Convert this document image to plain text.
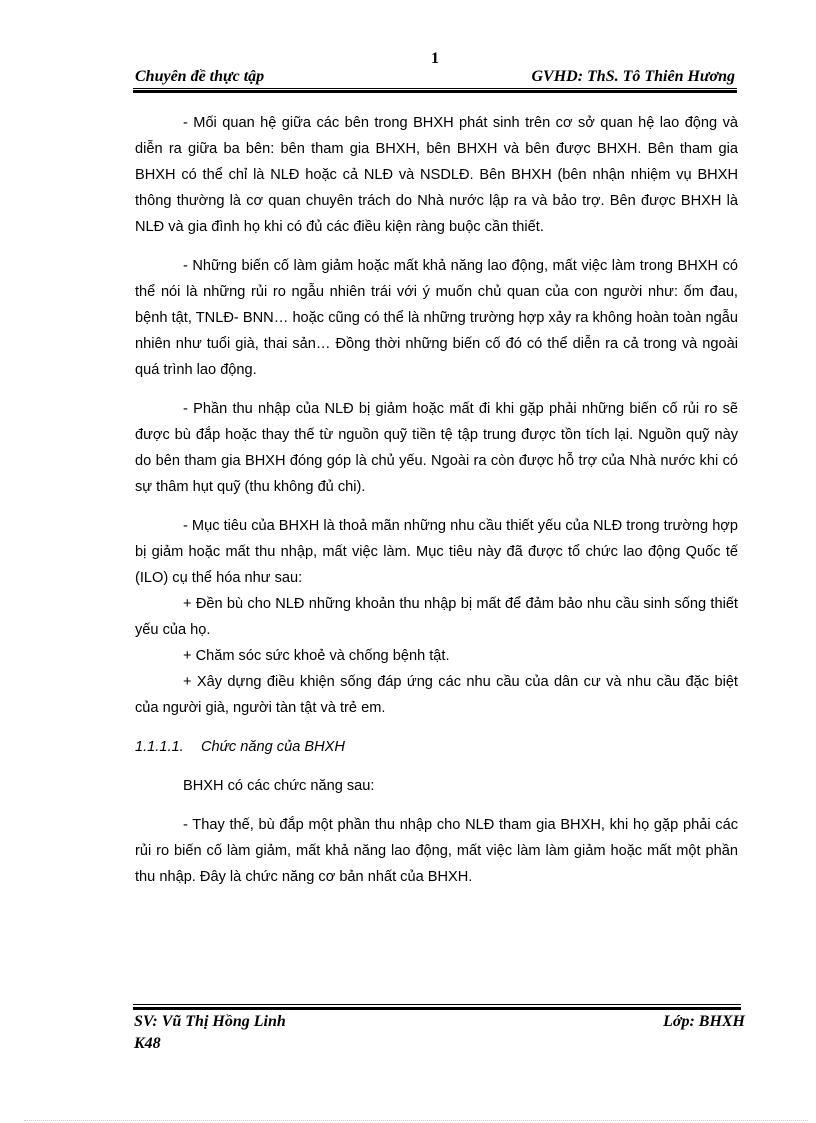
1
Chuyên đề thực tập	GVHD: ThS. Tô Thiên Hương

- Mối quan hệ giữa các bên trong BHXH phát sinh trên cơ sở quan hệ lao động và diễn ra giữa ba bên: bên tham gia BHXH, bên BHXH và bên được BHXH. Bên tham gia BHXH có thể chỉ là NLĐ hoặc cả NLĐ và NSDLĐ. Bên BHXH (bên nhận nhiệm vụ BHXH thông thường là cơ quan chuyên trách do Nhà nước lập ra và bảo trợ. Bên được BHXH là NLĐ và gia đình họ khi có đủ các điều kiện ràng buộc cần thiết.

- Những biến cố làm giảm hoặc mất khả năng lao động, mất việc làm trong BHXH có thể nói là những rủi ro ngẫu nhiên trái với ý muốn chủ quan của con người như: ốm đau, bệnh tật, TNLĐ- BNN… hoặc cũng có thể là những trường hợp xảy ra không hoàn toàn ngẫu nhiên như tuổi già, thai sản… Đồng thời những biến cố đó có thể diễn ra cả trong và ngoài quá trình lao động.

- Phần thu nhập của NLĐ bị giảm hoặc mất đi khi gặp phải những biến cố rủi ro sẽ được bù đắp hoặc thay thế từ nguồn quỹ tiền tệ tập trung được tồn tích lại. Nguồn quỹ này do bên tham gia BHXH đóng góp là chủ yếu. Ngoài ra còn được hỗ trợ của Nhà nước khi có sự thâm hụt quỹ (thu không đủ chi).

- Mục tiêu của BHXH là thoả mãn những nhu cầu thiết yếu của NLĐ trong trường hợp bị giảm hoặc mất thu nhập, mất việc làm. Mục tiêu này đã được tổ chức lao động Quốc tế (ILO) cụ thể hóa như sau:

+ Đền bù cho NLĐ những khoản thu nhập bị mất để đảm bảo nhu cầu sinh sống thiết yếu của họ.

+ Chăm sóc sức khoẻ và chống bệnh tật.

+ Xây dựng điều khiện sống đáp ứng các nhu cầu của dân cư và nhu cầu đặc biệt của người già, người tàn tật và trẻ em.

1.1.1.1. Chức năng của BHXH

BHXH có các chức năng sau:

- Thay thế, bù đắp một phần thu nhập cho NLĐ tham gia BHXH, khi họ gặp phải các rủi ro biến cố làm giảm, mất khả năng lao động, mất việc làm làm giảm hoặc mất một phần thu nhập. Đây là chức năng cơ bản nhất của BHXH.

SV: Vũ Thị Hồng Linh	Lớp: BHXH
K48
